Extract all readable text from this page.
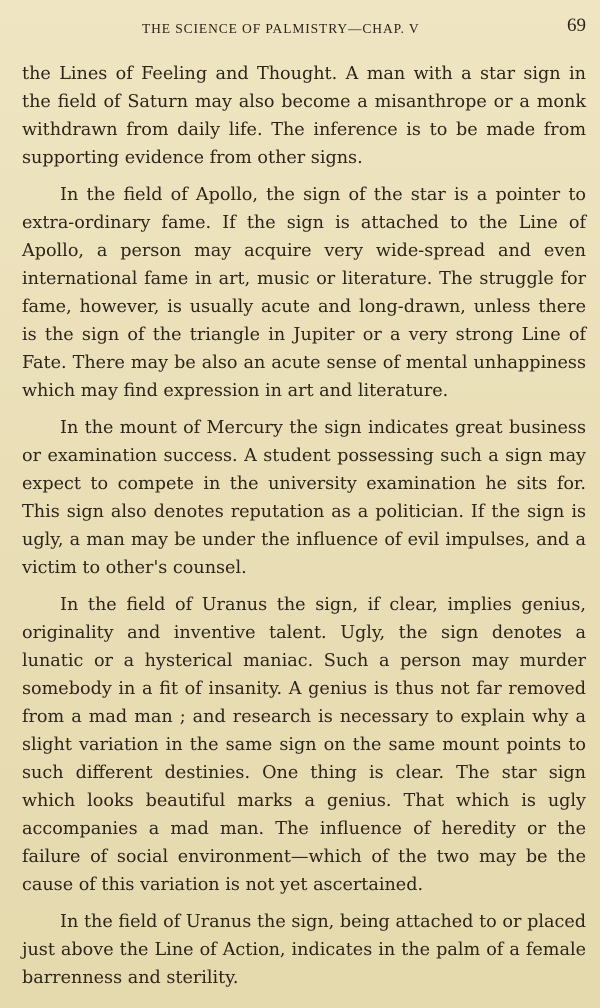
THE SCIENCE OF PALMISTRY—CHAP. V	69

the Lines of Feeling and Thought. A man with a star sign in the field of Saturn may also become a misanthrope or a monk withdrawn from daily life. The inference is to be made from supporting evidence from other signs.

In the field of Apollo, the sign of the star is a pointer to extra-ordinary fame. If the sign is attached to the Line of Apollo, a person may acquire very wide-spread and even international fame in art, music or literature. The struggle for fame, however, is usually acute and long-drawn, unless there is the sign of the triangle in Jupiter or a very strong Line of Fate. There may be also an acute sense of mental unhappiness which may find expression in art and literature.

In the mount of Mercury the sign indicates great business or examination success. A student possessing such a sign may expect to compete in the university examination he sits for. This sign also denotes reputation as a politician. If the sign is ugly, a man may be under the influence of evil impulses, and a victim to other's counsel.

In the field of Uranus the sign, if clear, implies genius, originality and inventive talent. Ugly, the sign denotes a lunatic or a hysterical maniac. Such a person may murder somebody in a fit of insanity. A genius is thus not far removed from a mad man ; and research is necessary to explain why a slight variation in the same sign on the same mount points to such different destinies. One thing is clear. The star sign which looks beautiful marks a genius. That which is ugly accompanies a mad man. The influence of heredity or the failure of social environment—which of the two may be the cause of this variation is not yet ascertained.

In the field of Uranus the sign, being attached to or placed just above the Line of Action, indicates in the palm of a female barrenness and sterility.
